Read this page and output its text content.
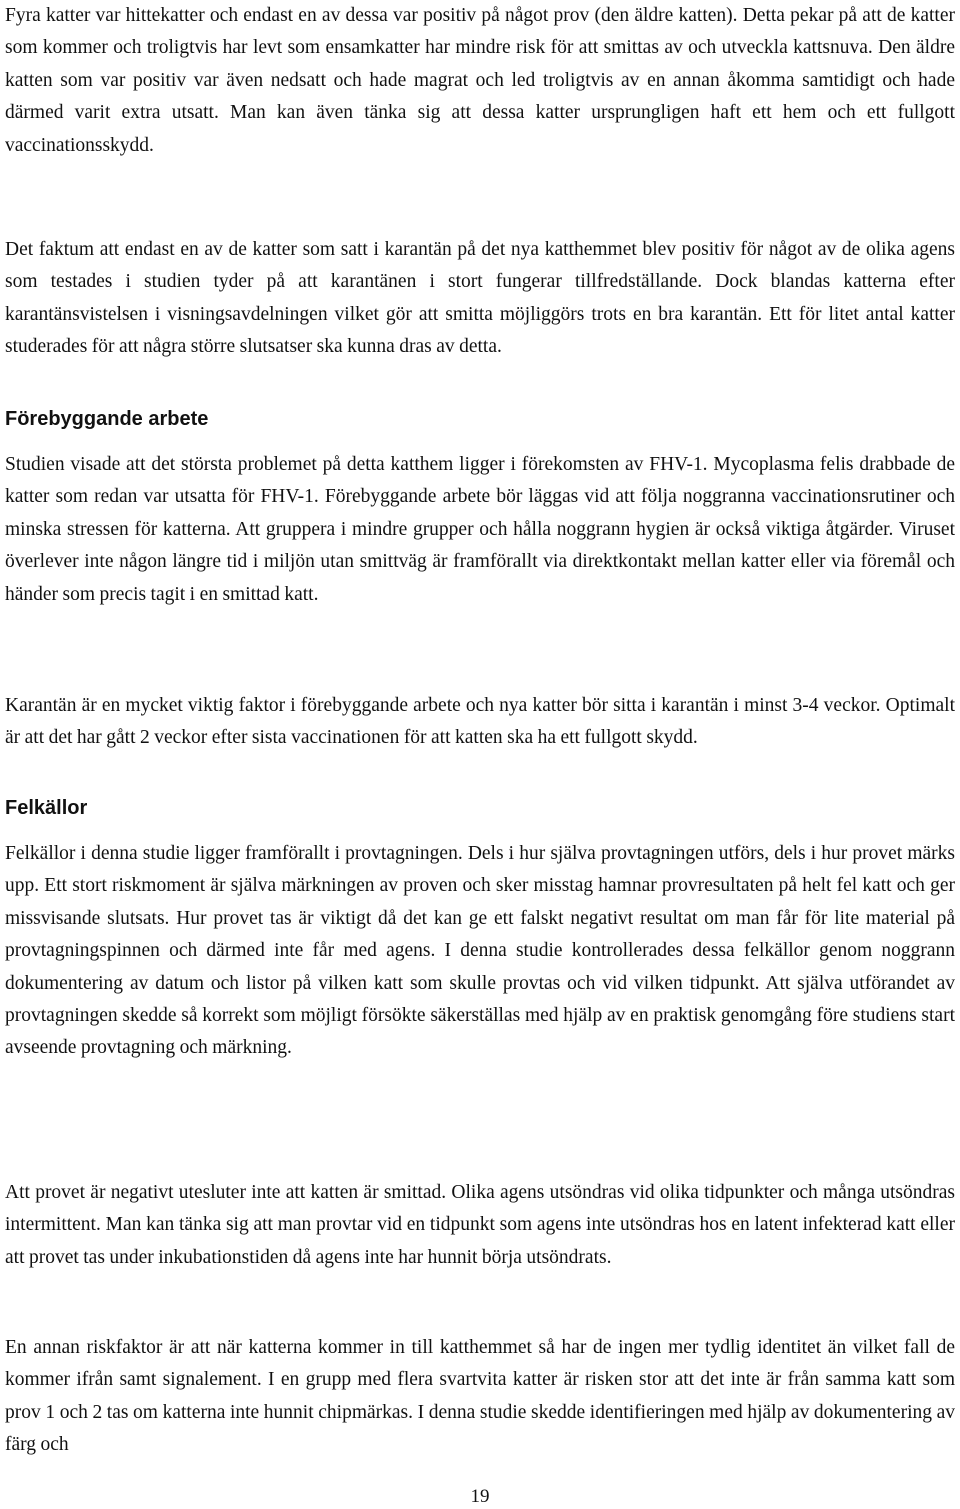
Fyra katter var hittekatter och endast en av dessa var positiv på något prov (den äldre katten). Detta pekar på att de katter som kommer och troligtvis har levt som ensamkatter har mindre risk för att smittas av och utveckla kattsnuva. Den äldre katten som var positiv var även nedsatt och hade magrat och led troligtvis av en annan åkomma samtidigt och hade därmed varit extra utsatt. Man kan även tänka sig att dessa katter ursprungligen haft ett hem och ett fullgott vaccinationsskydd.

Det faktum att endast en av de katter som satt i karantän på det nya katthemmet blev positiv för något av de olika agens som testades i studien tyder på att karantänen i stort fungerar tillfredställande. Dock blandas katterna efter karantänsvistelsen i visningsavdelningen vilket gör att smitta möjliggörs trots en bra karantän. Ett för litet antal katter studerades för att några större slutsatser ska kunna dras av detta.

Förebyggande arbete

Studien visade att det största problemet på detta katthem ligger i förekomsten av FHV-1. Mycoplasma felis drabbade de katter som redan var utsatta för FHV-1. Förebyggande arbete bör läggas vid att följa noggranna vaccinationsrutiner och minska stressen för katterna. Att gruppera i mindre grupper och hålla noggrann hygien är också viktiga åtgärder. Viruset överlever inte någon längre tid i miljön utan smittväg är framförallt via direktkontakt mellan katter eller via föremål och händer som precis tagit i en smittad katt.

Karantän är en mycket viktig faktor i förebyggande arbete och nya katter bör sitta i karantän i minst 3-4 veckor. Optimalt är att det har gått 2 veckor efter sista vaccinationen för att katten ska ha ett fullgott skydd.

Felkällor

Felkällor i denna studie ligger framförallt i provtagningen. Dels i hur själva provtagningen utförs, dels i hur provet märks upp. Ett stort riskmoment är själva märkningen av proven och sker misstag hamnar provresultaten på helt fel katt och ger missvisande slutsats. Hur provet tas är viktigt då det kan ge ett falskt negativt resultat om man får för lite material på provtagningspinnen och därmed inte får med agens. I denna studie kontrollerades dessa felkällor genom noggrann dokumentering av datum och listor på vilken katt som skulle provtas och vid vilken tidpunkt. Att själva utförandet av provtagningen skedde så korrekt som möjligt försökte säkerställas med hjälp av en praktisk genomgång före studiens start avseende provtagning och märkning.

Att provet är negativt utesluter inte att katten är smittad. Olika agens utsöndras vid olika tidpunkter och många utsöndras intermittent. Man kan tänka sig att man provtar vid en tidpunkt som agens inte utsöndras hos en latent infekterad katt eller att provet tas under inkubationstiden då agens inte har hunnit börja utsöndrats.

En annan riskfaktor är att när katterna kommer in till katthemmet så har de ingen mer tydlig identitet än vilket fall de kommer ifrån samt signalement. I en grupp med flera svartvita katter är risken stor att det inte är från samma katt som prov 1 och 2 tas om katterna inte hunnit chipmärkas. I denna studie skedde identifieringen med hjälp av dokumentering av färg och

19
